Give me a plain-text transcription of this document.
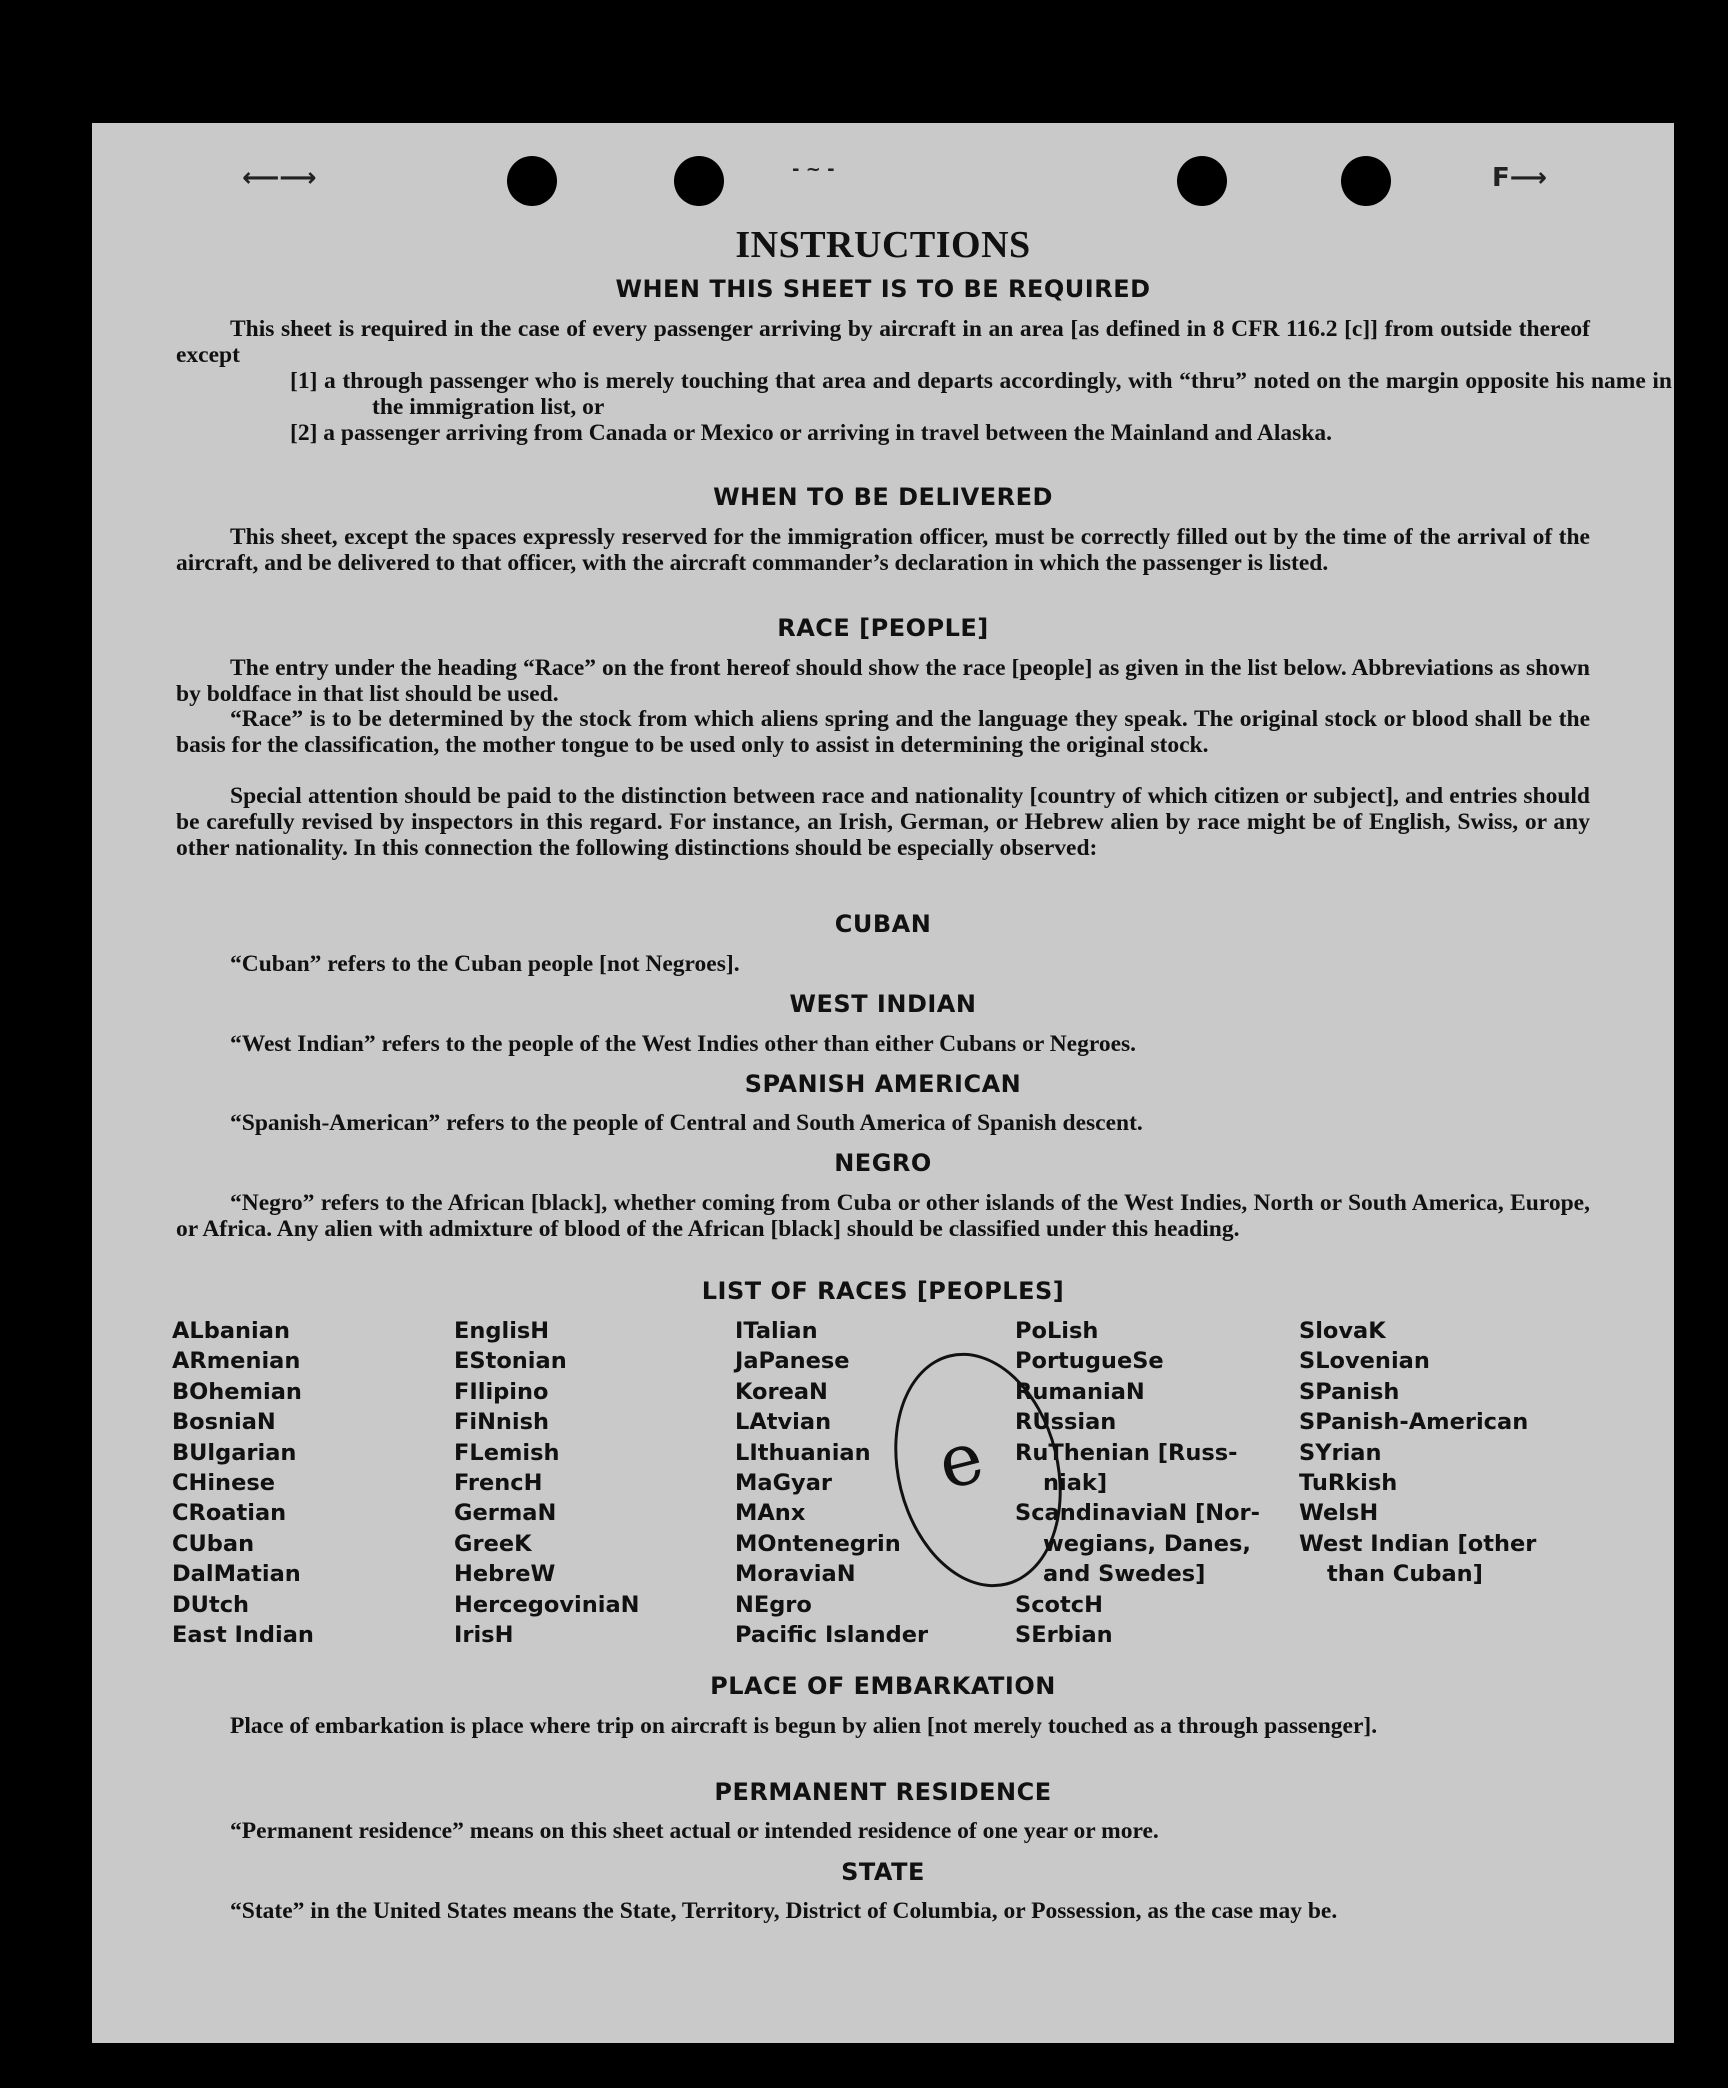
⟵⟶	- ~ -	F⟶
INSTRUCTIONS
WHEN THIS SHEET IS TO BE REQUIRED
This sheet is required in the case of every passenger arriving by aircraft in an area [as defined in 8 CFR 116.2 [c]] from outside thereof except
[1] a through passenger who is merely touching that area and departs accordingly, with “thru” noted on the margin opposite his name in the immigration list, or
[2] a passenger arriving from Canada or Mexico or arriving in travel between the Mainland and Alaska.
WHEN TO BE DELIVERED
This sheet, except the spaces expressly reserved for the immigration officer, must be correctly filled out by the time of the arrival of the aircraft, and be delivered to that officer, with the aircraft commander’s declaration in which the passenger is listed.
RACE [PEOPLE]
The entry under the heading “Race” on the front hereof should show the race [people] as given in the list below. Abbreviations as shown by boldface in that list should be used.
“Race” is to be determined by the stock from which aliens spring and the language they speak. The original stock or blood shall be the basis for the classification, the mother tongue to be used only to assist in determining the original stock.
Special attention should be paid to the distinction between race and nationality [country of which citizen or subject], and entries should be carefully revised by inspectors in this regard. For instance, an Irish, German, or Hebrew alien by race might be of English, Swiss, or any other nationality. In this connection the following distinctions should be especially observed:
CUBAN
“Cuban” refers to the Cuban people [not Negroes].
WEST INDIAN
“West Indian” refers to the people of the West Indies other than either Cubans or Negroes.
SPANISH AMERICAN
“Spanish-American” refers to the people of Central and South America of Spanish descent.
NEGRO
“Negro” refers to the African [black], whether coming from Cuba or other islands of the West Indies, North or South America, Europe, or Africa. Any alien with admixture of blood of the African [black] should be classified under this heading.
LIST OF RACES [PEOPLES]
ALbanian
ARmenian
BOhemian
BosniaN
BUlgarian
CHinese
CRoatian
CUban
DalMatian
DUtch
East Indian
EnglisH
EStonian
FIlipino
FiNnish
FLemish
FrencH
GermaN
GreeK
HebreW
HercegoviniaN
IrisH
ITalian
JaPanese
KoreaN
LAtvian
LIthuanian
MaGyar
MAnx
MOntenegrin
MoraviaN
NEgro
Pacific Islander
PoLish
PortugueSe
RumaniaN
RUssian
RuThenian [Russ-
niak]
ScandinaviaN [Nor-
wegians, Danes,
and Swedes]
ScotcH
SErbian
SlovaK
SLovenian
SPanish
SPanish-American
SYrian
TuRkish
WelsH
West Indian [other
than Cuban]
e
PLACE OF EMBARKATION
Place of embarkation is place where trip on aircraft is begun by alien [not merely touched as a through passenger].
PERMANENT RESIDENCE
“Permanent residence” means on this sheet actual or intended residence of one year or more.
STATE
“State” in the United States means the State, Territory, District of Columbia, or Possession, as the case may be.
